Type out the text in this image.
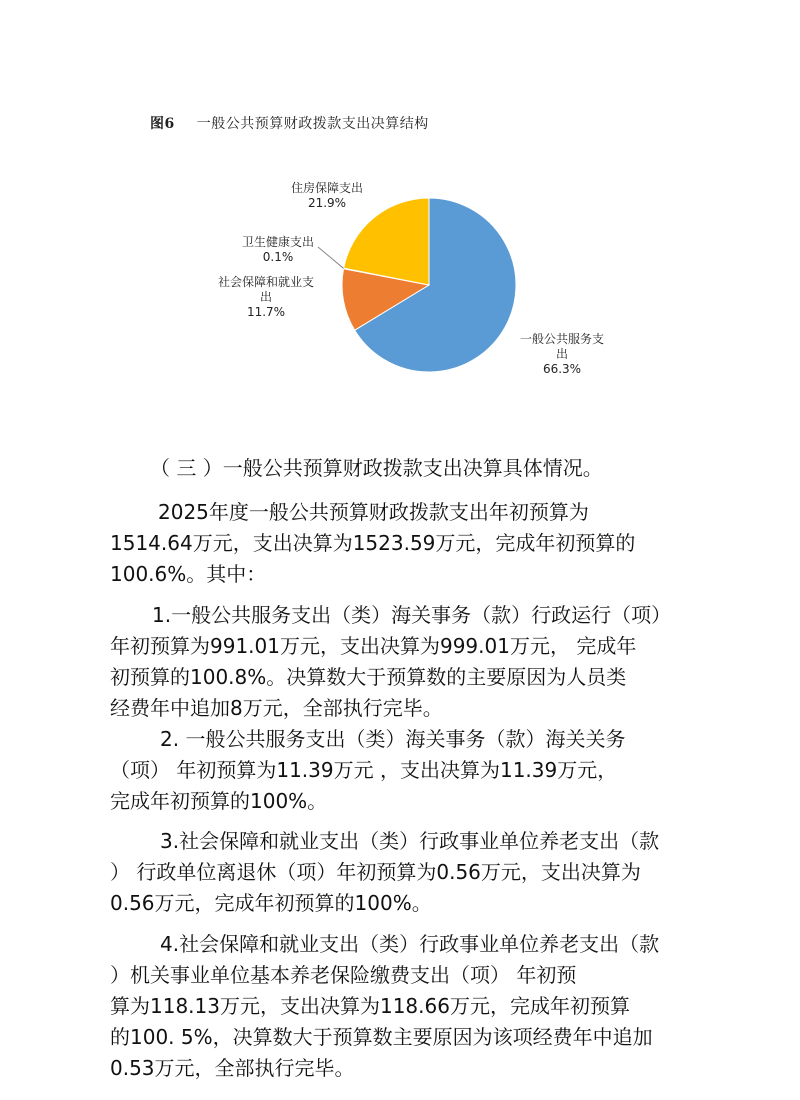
图6 一般公共预算财政拨款支出决算结构
一般公共服务支
出
66.3%
社会保障和就业支
出
11.7%
卫生健康支出
0.1%
住房保障支出
21.9%
（ 三 ）一般公共预算财政拨款支出决算具体情况。
2025年度一般公共预算财政拨款支出年初预算为
1514.64万元，支出决算为1523.59万元，完成年初预算的
100.6%。其中：
1.一般公共服务支出（类）海关事务（款）行政运行（项）
年初预算为991.01万元，支出决算为999.01万元， 完成年
初预算的100.8%。决算数大于预算数的主要原因为人员类
经费年中追加8万元，全部执行完毕。
2. 一般公共服务支出（类）海关事务（款）海关关务
（项） 年初预算为11.39万元 ，支出决算为11.39万元，
完成年初预算的100%。
3.社会保障和就业支出（类）行政事业单位养老支出（款
） 行政单位离退休（项）年初预算为0.56万元，支出决算为
0.56万元，完成年初预算的100%。
4.社会保障和就业支出（类）行政事业单位养老支出（款
）机关事业单位基本养老保险缴费支出（项） 年初预
算为118.13万元，支出决算为118.66万元，完成年初预算
的100. 5%，决算数大于预算数主要原因为该项经费年中追加
0.53万元，全部执行完毕。
